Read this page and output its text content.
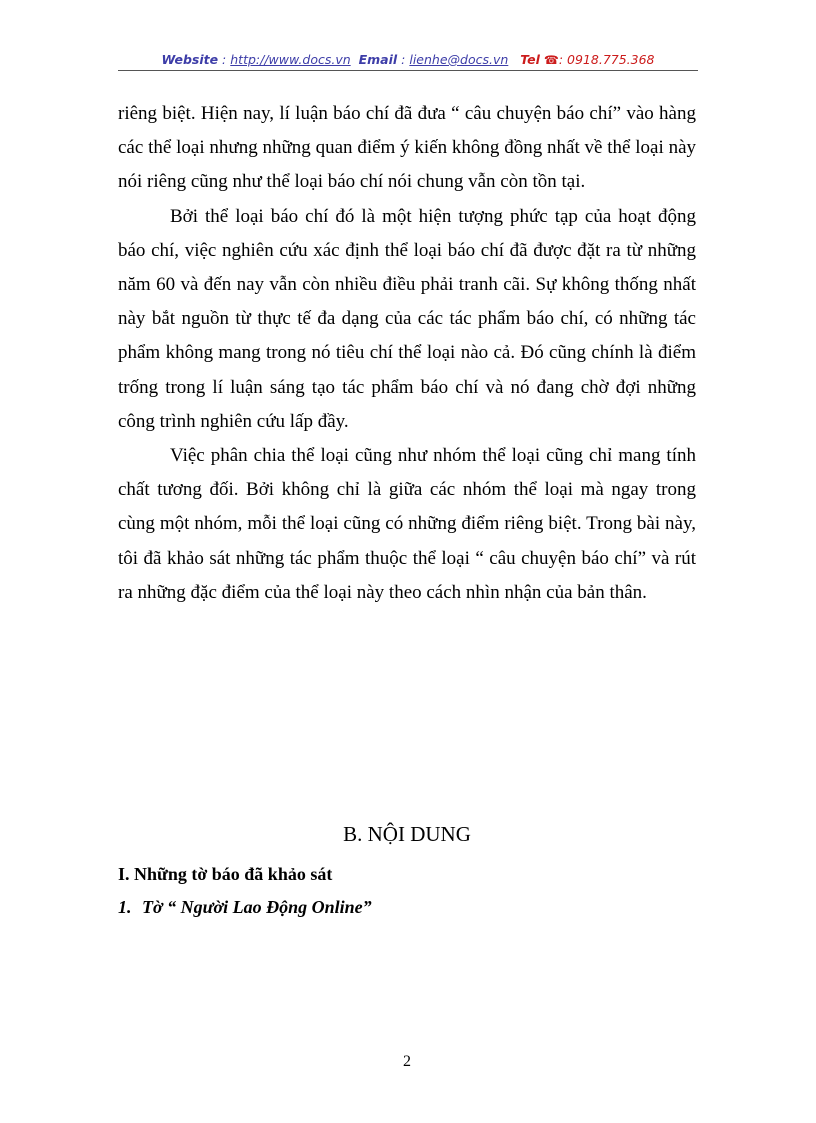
Website : http://www.docs.vn Email : lienhe@docs.vn Tel ☎: 0918.775.368

riêng biệt. Hiện nay, lí luận báo chí đã đưa “ câu chuyện báo chí” vào hàng các thể loại nhưng những quan điểm ý kiến không đồng nhất về thể loại này nói riêng cũng như thể loại báo chí nói chung vẫn còn tồn tại.

Bởi thể loại báo chí đó là một hiện tượng phức tạp của hoạt động báo chí, việc nghiên cứu xác định thể loại báo chí đã được đặt ra từ những năm 60 và đến nay vẫn còn nhiều điều phải tranh cãi. Sự không thống nhất này bắt nguồn từ thực tế đa dạng của các tác phẩm báo chí, có những tác phẩm không mang trong nó tiêu chí thể loại nào cả. Đó cũng chính là điểm trống trong lí luận sáng tạo tác phẩm báo chí và nó đang chờ đợi những công trình nghiên cứu lấp đầy.

Việc phân chia thể loại cũng như nhóm thể loại cũng chỉ mang tính chất tương đối. Bởi không chỉ là giữa các nhóm thể loại mà ngay trong cùng một nhóm, mỗi thể loại cũng có những điểm riêng biệt. Trong bài này, tôi đã khảo sát những tác phẩm thuộc thể loại “ câu chuyện báo chí” và rút ra những đặc điểm của thể loại này theo cách nhìn nhận của bản thân.

B. NỘI DUNG
I. Những tờ báo đã khảo sát
1. Tờ “ Người Lao Động Online”
2
